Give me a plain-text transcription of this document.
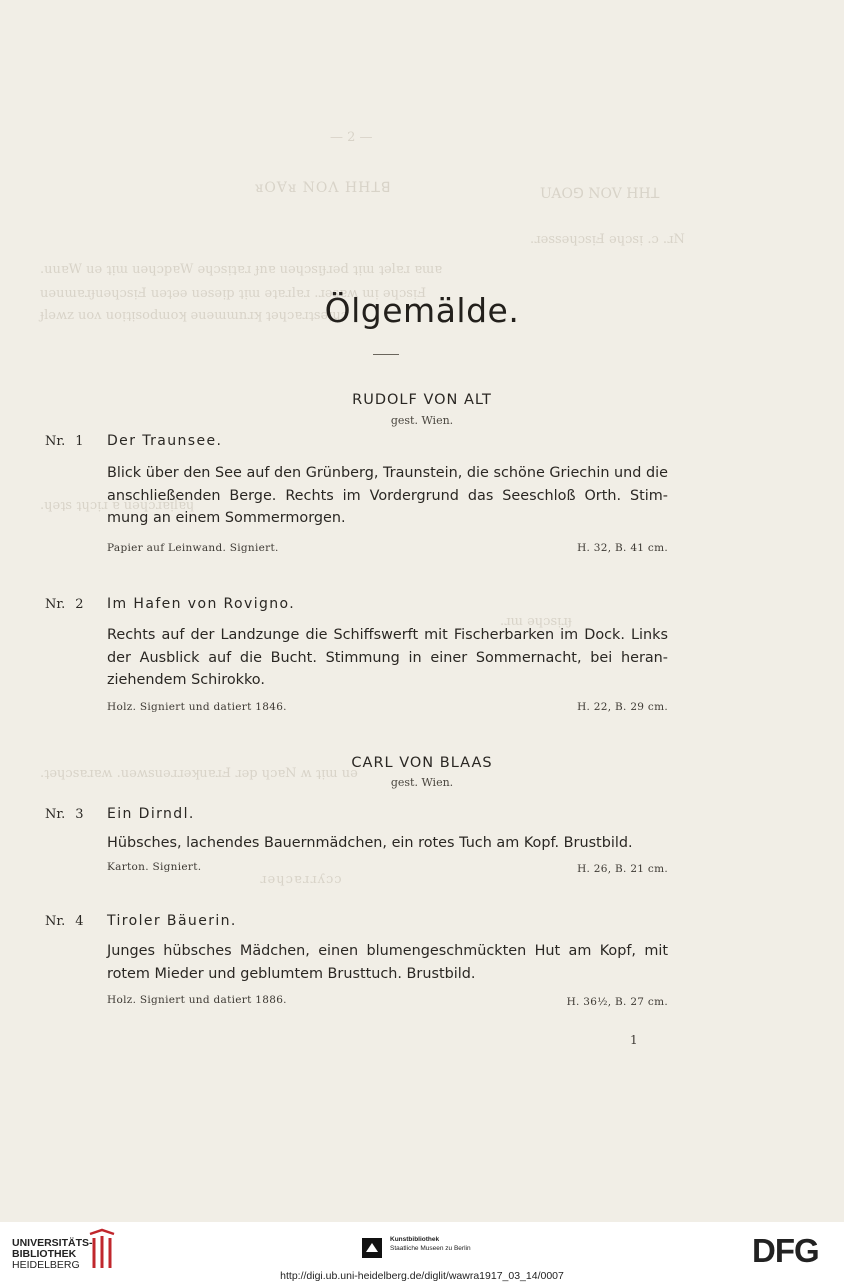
— 2 —
ᴚOⱯᴚ NOΛ HHꓕꓭ	UAOꓨ NOV HHꓕ
.ɹǝssǝɥɔsᴉℲ ǝɥɔsᴉ .ɔ .ɹN
.uuɐW uǝ ʇᴉɯ uǝɥɔpɐW ǝɥɔsᴉʇɐɹ ɟnɐ uǝ‌ɥɔsᴉɟɹǝd ʇᴉɯ ʇǝlɐɹ ɐ‌ɯ‌ɐ
uǝuɯɐɹɟuǝɥɔsᴉℲ uǝʇǝǝ uǝsǝᴉp ʇᴉɯ ǝʇɐɹlɐɹ .ɹǝsɐʍ ɯᴉ ǝɥɔsᴉℲ
ɟlǝʍz uoʌ uoᴉʇᴉsodɯoʞ ǝuǝɯɯnɹʞ ʇǝɥɔɐɹʇsǝᴉɥɔ
.ɥǝʇs ʇɥɔᴉɹ ɐ uǝɥɔɹɐᴉlɐɥ
.ɹɯ ǝɥɔsᴉɹɟ
.ʇǝɥɔsɐɹɐʍ .uǝʍsuǝɹɹǝʞuɐɹℲ ɹǝp ɥɔɐN ʍ ʇᴉɯ uǝ
ɹǝɥɔɐɹɹʎɔɔ
Ölgemälde.
RUDOLF VON ALT
gest. Wien.
Nr. 1 Der Traunsee.
Blick über den See auf den Grünberg, Traunstein, die schöne Griechin und die anschließenden Berge. Rechts im Vordergrund das Seeschloß Orth. Stim- mung an einem Sommermorgen.
Papier auf Leinwand. Signiert.	H. 32, B. 41 cm.
Nr. 2 Im Hafen von Rovigno.
Rechts auf der Landzunge die Schiffswerft mit Fischerbarken im Dock. Links der Ausblick auf die Bucht. Stimmung in einer Sommernacht, bei heran- ziehendem Schirokko.
Holz. Signiert und datiert 1846.	H. 22, B. 29 cm.
CARL VON BLAAS
gest. Wien.
Nr. 3 Ein Dirndl.
Hübsches, lachendes Bauernmädchen, ein rotes Tuch am Kopf. Brustbild.
Karton. Signiert.	H. 26, B. 21 cm.
Nr. 4 Tiroler Bäuerin.
Junges hübsches Mädchen, einen blumengeschmückten Hut am Kopf, mit rotem Mieder und geblumtem Brusttuch. Brustbild.
Holz. Signiert und datiert 1886.	H. 36½, B. 27 cm.
1
UNIVERSITÄTS-
BIBLIOTHEK
HEIDELBERG
Kunstbibliothek
Staatliche Museen zu Berlin	DFG
http://digi.ub.uni-heidelberg.de/diglit/wawra1917_03_14/0007
